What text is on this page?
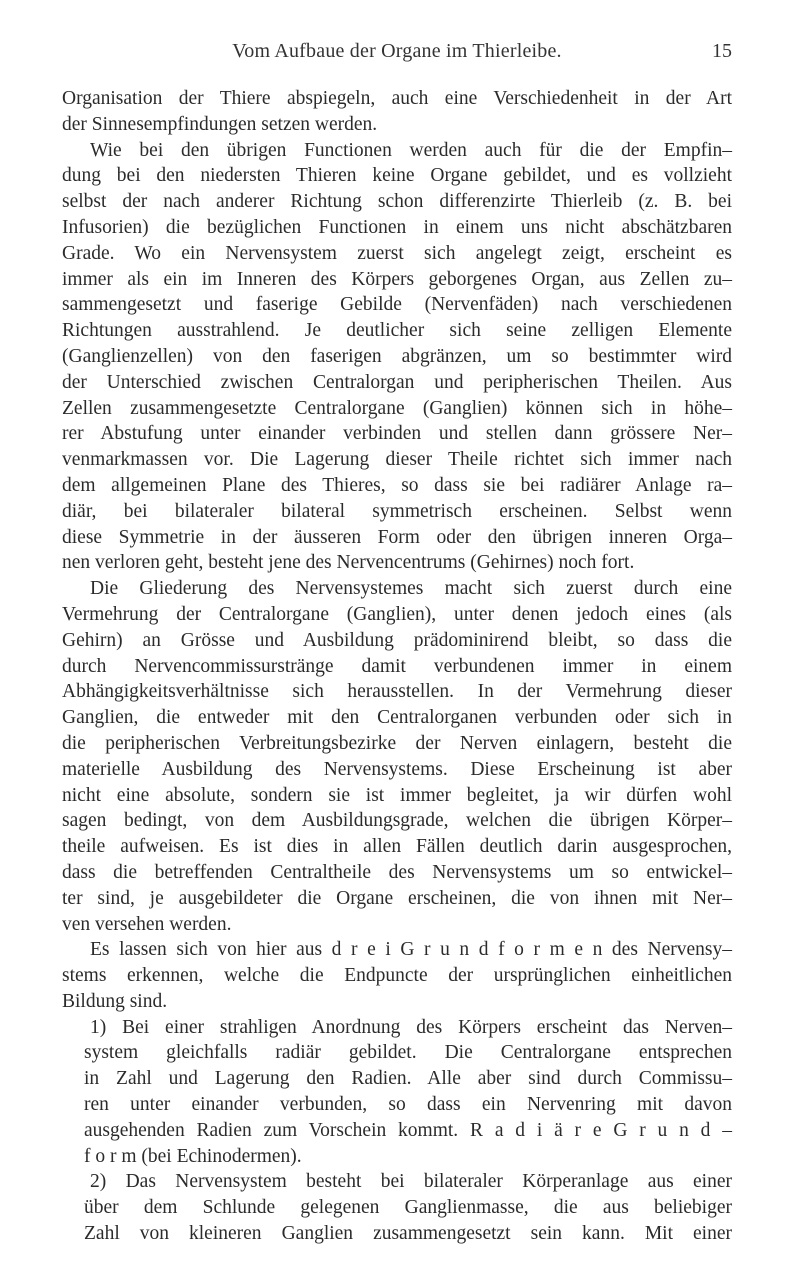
Vom Aufbaue der Organe im Thierleibe.	15
Organisation der Thiere abspiegeln, auch eine Verschiedenheit in der Art
der Sinnesempfindungen setzen werden.
Wie bei den übrigen Functionen werden auch für die der Empfin–
dung bei den niedersten Thieren keine Organe gebildet, und es vollzieht
selbst der nach anderer Richtung schon differenzirte Thierleib (z. B. bei
Infusorien) die bezüglichen Functionen in einem uns nicht abschätzbaren
Grade. Wo ein Nervensystem zuerst sich angelegt zeigt, erscheint es
immer als ein im Inneren des Körpers geborgenes Organ, aus Zellen zu–
sammengesetzt und faserige Gebilde (Nervenfäden) nach verschiedenen
Richtungen ausstrahlend. Je deutlicher sich seine zelligen Elemente
(Ganglienzellen) von den faserigen abgränzen, um so bestimmter wird
der Unterschied zwischen Centralorgan und peripherischen Theilen. Aus
Zellen zusammengesetzte Centralorgane (Ganglien) können sich in höhe–
rer Abstufung unter einander verbinden und stellen dann grössere Ner–
venmarkmassen vor. Die Lagerung dieser Theile richtet sich immer nach
dem allgemeinen Plane des Thieres, so dass sie bei radiärer Anlage ra–
diär, bei bilateraler bilateral symmetrisch erscheinen. Selbst wenn
diese Symmetrie in der äusseren Form oder den übrigen inneren Orga–
nen verloren geht, besteht jene des Nervencentrums (Gehirnes) noch fort.
Die Gliederung des Nervensystemes macht sich zuerst durch eine
Vermehrung der Centralorgane (Ganglien), unter denen jedoch eines (als
Gehirn) an Grösse und Ausbildung prädominirend bleibt, so dass die
durch Nervencommissurstränge damit verbundenen immer in einem
Abhängigkeitsverhältnisse sich herausstellen. In der Vermehrung dieser
Ganglien, die entweder mit den Centralorganen verbunden oder sich in
die peripherischen Verbreitungsbezirke der Nerven einlagern, besteht die
materielle Ausbildung des Nervensystems. Diese Erscheinung ist aber
nicht eine absolute, sondern sie ist immer begleitet, ja wir dürfen wohl
sagen bedingt, von dem Ausbildungsgrade, welchen die übrigen Körper–
theile aufweisen. Es ist dies in allen Fällen deutlich darin ausgesprochen,
dass die betreffenden Centraltheile des Nervensystems um so entwickel–
ter sind, je ausgebildeter die Organe erscheinen, die von ihnen mit Ner–
ven versehen werden.
Es lassen sich von hier aus d r e i G r u n d f o r m e n des Nervensy–
stems erkennen, welche die Endpuncte der ursprünglichen einheitlichen
Bildung sind.
1) Bei einer strahligen Anordnung des Körpers erscheint das Nerven–
system gleichfalls radiär gebildet. Die Centralorgane entsprechen
in Zahl und Lagerung den Radien. Alle aber sind durch Commissu–
ren unter einander verbunden, so dass ein Nervenring mit davon
ausgehenden Radien zum Vorschein kommt. R a d i ä r e G r u n d –
f o r m (bei Echinodermen).
2) Das Nervensystem besteht bei bilateraler Körperanlage aus einer
über dem Schlunde gelegenen Ganglienmasse, die aus beliebiger
Zahl von kleineren Ganglien zusammengesetzt sein kann. Mit einer
